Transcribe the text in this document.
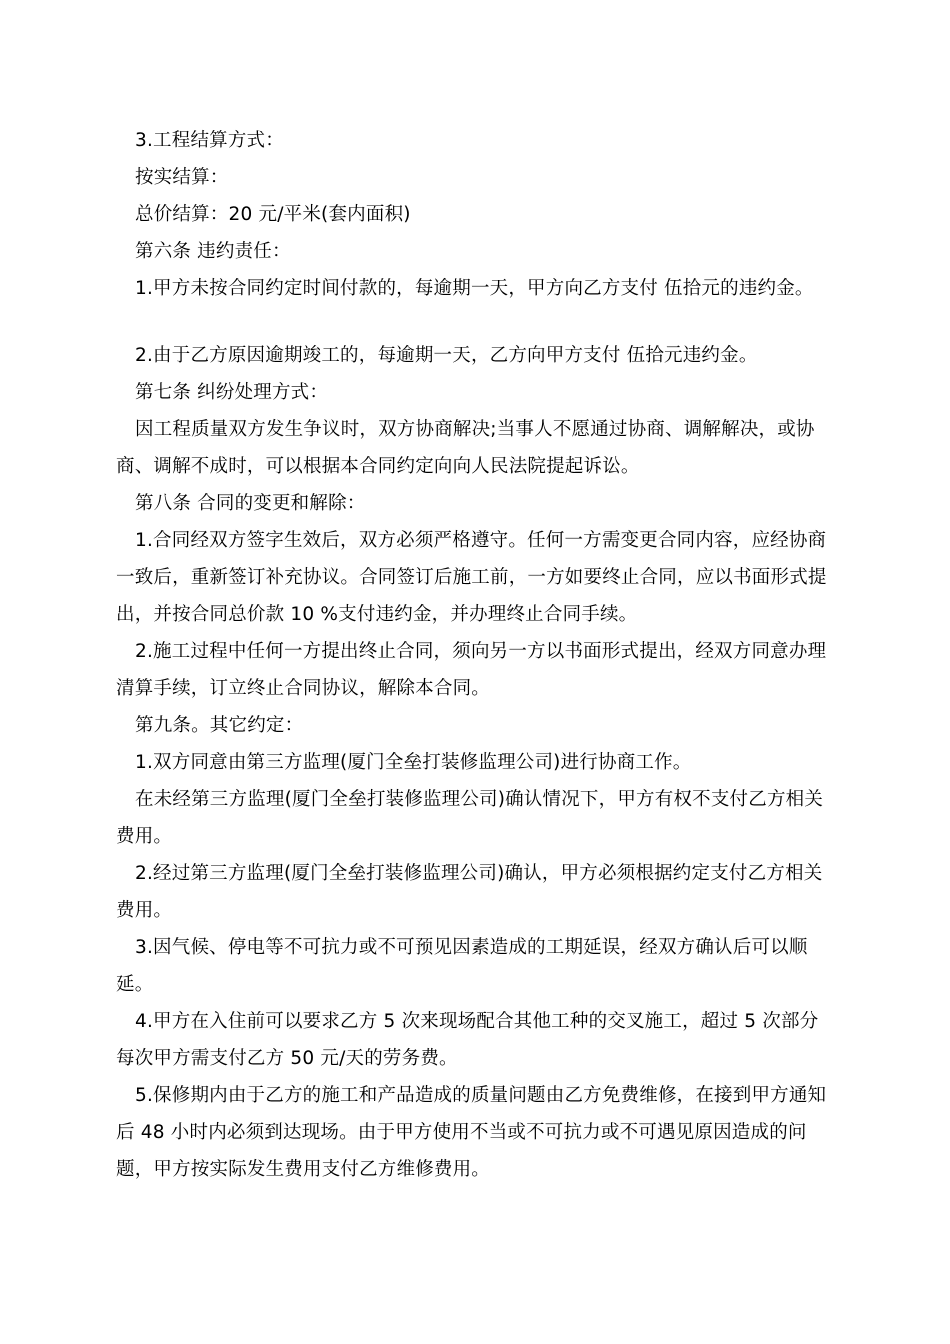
3.工程结算方式：

按实结算：

总价结算：20 元/平米(套内面积)

第六条 违约责任：

1.甲方未按合同约定时间付款的，每逾期一天，甲方向乙方支付 伍拾元的违约金。

2.由于乙方原因逾期竣工的，每逾期一天，乙方向甲方支付 伍拾元违约金。

第七条 纠纷处理方式：

因工程质量双方发生争议时，双方协商解决;当事人不愿通过协商、调解解决，或协商、调解不成时，可以根据本合同约定向向人民法院提起诉讼。

第八条 合同的变更和解除：

1.合同经双方签字生效后，双方必须严格遵守。任何一方需变更合同内容，应经协商一致后，重新签订补充协议。合同签订后施工前，一方如要终止合同，应以书面形式提出，并按合同总价款 10 %支付违约金，并办理终止合同手续。

2.施工过程中任何一方提出终止合同，须向另一方以书面形式提出，经双方同意办理清算手续，订立终止合同协议，解除本合同。

第九条。其它约定：

1.双方同意由第三方监理(厦门全垒打装修监理公司)进行协商工作。

在未经第三方监理(厦门全垒打装修监理公司)确认情况下，甲方有权不支付乙方相关费用。

2.经过第三方监理(厦门全垒打装修监理公司)确认，甲方必须根据约定支付乙方相关费用。

3.因气候、停电等不可抗力或不可预见因素造成的工期延误，经双方确认后可以顺延。

4.甲方在入住前可以要求乙方 5 次来现场配合其他工种的交叉施工，超过 5 次部分每次甲方需支付乙方 50 元/天的劳务费。

5.保修期内由于乙方的施工和产品造成的质量问题由乙方免费维修，在接到甲方通知后 48 小时内必须到达现场。由于甲方使用不当或不可抗力或不可遇见原因造成的问题，甲方按实际发生费用支付乙方维修费用。
